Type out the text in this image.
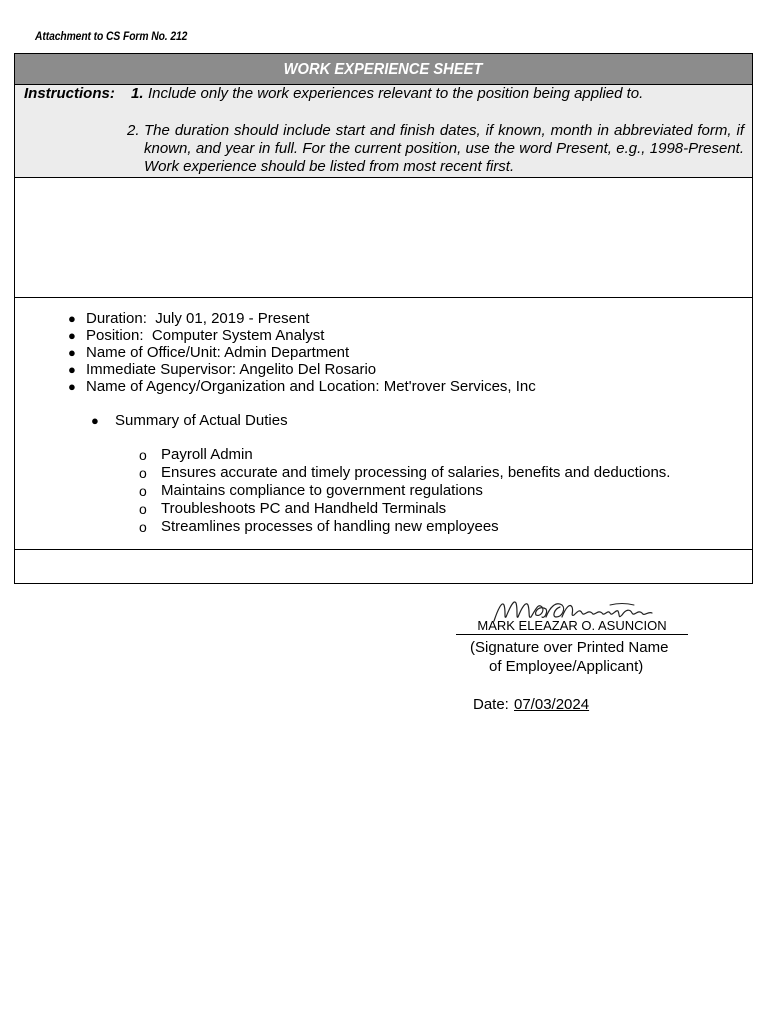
Attachment to CS Form No. 212
WORK EXPERIENCE SHEET
Instructions: 1. Include only the work experiences relevant to the position being applied to.
2. The duration should include start and finish dates, if known, month in abbreviated form, if known, and year in full. For the current position, use the word Present, e.g., 1998-Present. Work experience should be listed from most recent first.
● Duration: July 01, 2019 - Present
● Position: Computer System Analyst
● Name of Office/Unit: Admin Department
● Immediate Supervisor: Angelito Del Rosario
● Name of Agency/Organization and Location: Met'rover Services, Inc
● Summary of Actual Duties
o Payroll Admin
o Ensures accurate and timely processing of salaries, benefits and deductions.
o Maintains compliance to government regulations
o Troubleshoots PC and Handheld Terminals
o Streamlines processes of handling new employees
MARK ELEAZAR O. ASUNCION
(Signature over Printed Name
of Employee/Applicant)
Date: 07/03/2024
